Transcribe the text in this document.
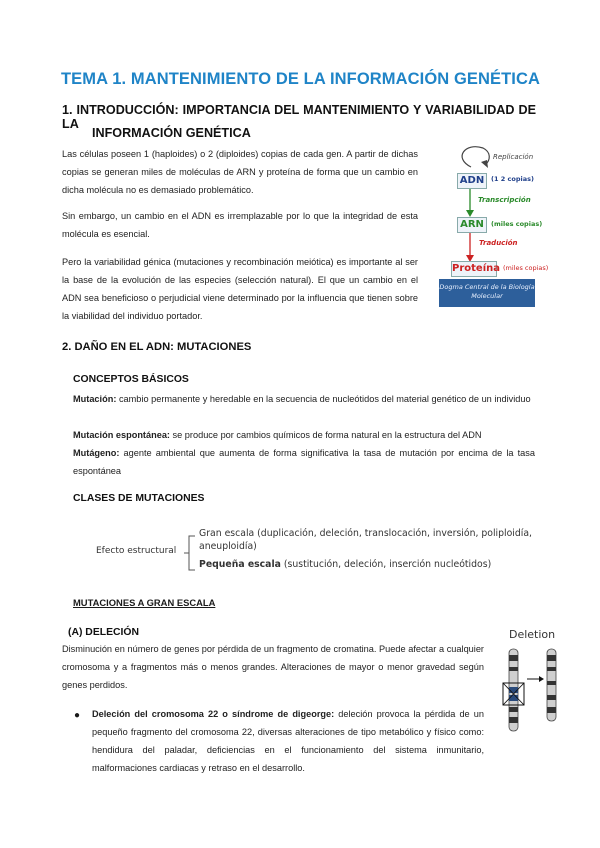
TEMA 1. MANTENIMIENTO DE LA INFORMACIÓN GENÉTICA
1. INTRODUCCIÓN: IMPORTANCIA DEL MANTENIMIENTO Y VARIABILIDAD DE LA
INFORMACIÓN GENÉTICA
Las células poseen 1 (haploides) o 2 (diploides) copias de cada gen. A partir de dichas copias se generan miles de moléculas de ARN y proteína de forma que un cambio en dicha molécula no es demasiado problemático.
Sin embargo, un cambio en el ADN es irremplazable por lo que la integridad de esta molécula es esencial.
Pero la variabilidad génica (mutaciones y recombinación meiótica) es importante al ser la base de la evolución de las especies (selección natural). El que un cambio en el ADN sea beneficioso o perjudicial viene determinado por la influencia que tienen sobre la viabilidad del individuo portador.
Replicación
ADN	(1 2 copias)
Transcripción
ARN	(miles copias)
Tradución
Proteína (miles copias)
Dogma Central de la Biología Molecular
2. DAÑO EN EL ADN: MUTACIONES
CONCEPTOS BÁSICOS
Mutación: cambio permanente y heredable en la secuencia de nucleótidos del material genético de un individuo
Mutación espontánea: se produce por cambios químicos de forma natural en la estructura del ADN
Mutágeno: agente ambiental que aumenta de forma significativa la tasa de mutación por encima de la tasa espontánea
CLASES DE MUTACIONES
Efecto estructural
Gran escala (duplicación, deleción, translocación, inversión, poliploidía, aneuploidía)
Pequeña escala (sustitución, deleción, inserción nucleótidos)
MUTACIONES A GRAN ESCALA
(A) DELECIÓN
Disminución en número de genes por pérdida de un fragmento de cromatina. Puede afectar a cualquier cromosoma y a fragmentos más o menos grandes. Alteraciones de mayor o menor gravedad según genes perdidos.
● Deleción del cromosoma 22 o síndrome de digeorge: deleción provoca la pérdida de un pequeño fragmento del cromosoma 22, diversas alteraciones de tipo metabólico y físico como: hendidura del paladar, deficiencias en el funcionamiento del sistema inmunitario, malformaciones cardiacas y retraso en el desarrollo.
Deletion
